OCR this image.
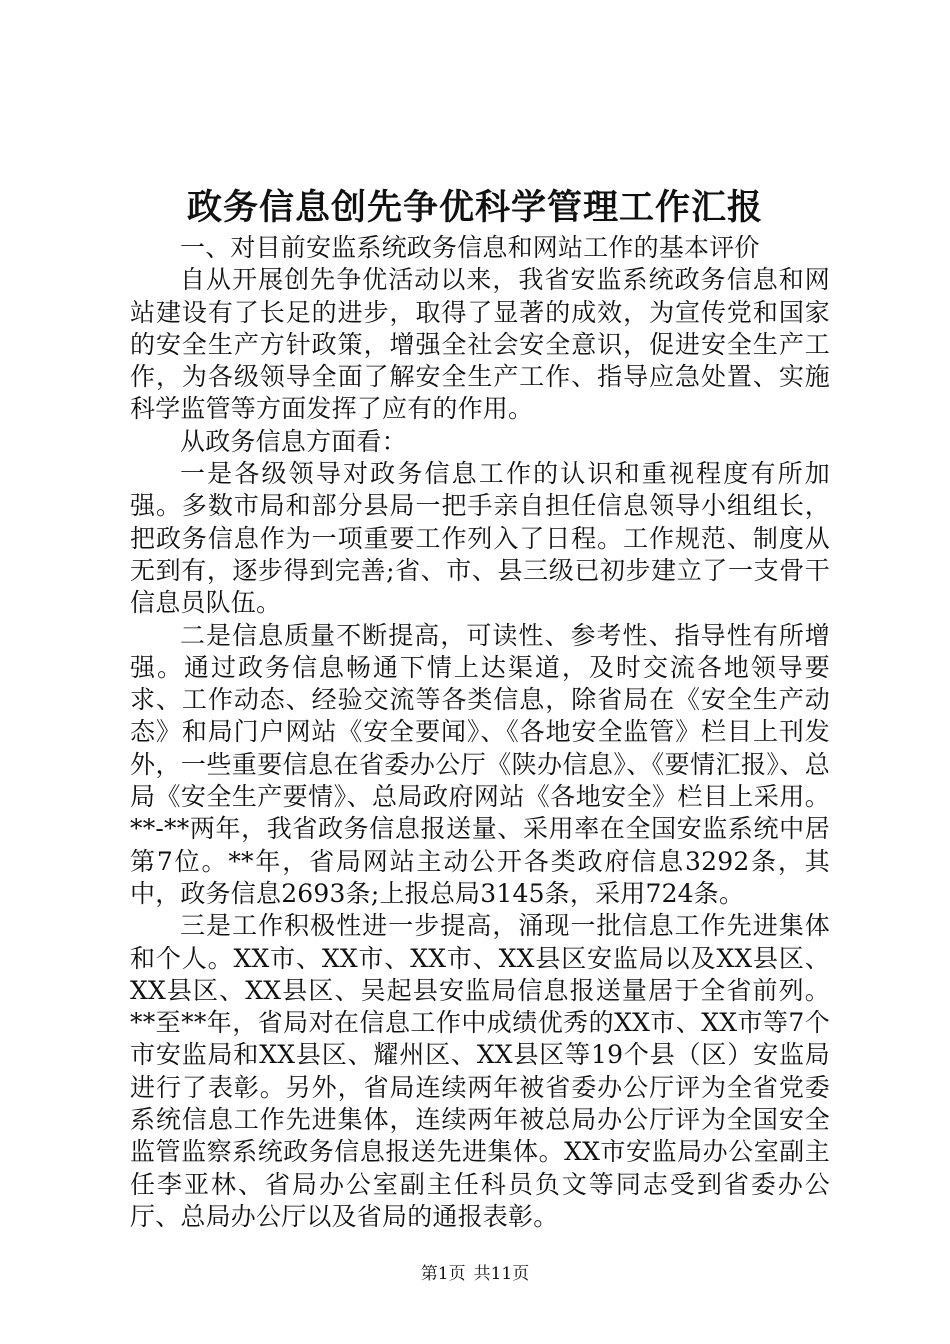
政务信息创先争优科学管理工作汇报

一、对目前安监系统政务信息和网站工作的基本评价

自从开展创先争优活动以来，我省安监系统政务信息和网站建设有了长足的进步，取得了显著的成效，为宣传党和国家的安全生产方针政策，增强全社会安全意识，促进安全生产工作，为各级领导全面了解安全生产工作、指导应急处置、实施科学监管等方面发挥了应有的作用。

从政务信息方面看：

一是各级领导对政务信息工作的认识和重视程度有所加强。多数市局和部分县局一把手亲自担任信息领导小组组长，把政务信息作为一项重要工作列入了日程。工作规范、制度从无到有，逐步得到完善;省、市、县三级已初步建立了一支骨干信息员队伍。

二是信息质量不断提高，可读性、参考性、指导性有所增强。通过政务信息畅通下情上达渠道，及时交流各地领导要求、工作动态、经验交流等各类信息，除省局在《安全生产动态》和局门户网站《安全要闻》、《各地安全监管》栏目上刊发外，一些重要信息在省委办公厅《陕办信息》、《要情汇报》、总局《安全生产要情》、总局政府网站《各地安全》栏目上采用。**-**两年，我省政务信息报送量、采用率在全国安监系统中居第7位。**年，省局网站主动公开各类政府信息3292条，其中，政务信息2693条;上报总局3145条，采用724条。

三是工作积极性进一步提高，涌现一批信息工作先进集体和个人。XX市、XX市、XX市、XX县区安监局以及XX县区、XX县区、XX县区、吴起县安监局信息报送量居于全省前列。**至**年，省局对在信息工作中成绩优秀的XX市、XX市等7个市安监局和XX县区、耀州区、XX县区等19个县（区）安监局进行了表彰。另外，省局连续两年被省委办公厅评为全省党委系统信息工作先进集体，连续两年被总局办公厅评为全国安全监管监察系统政务信息报送先进集体。XX市安监局办公室副主任李亚林、省局办公室副主任科员负文等同志受到省委办公厅、总局办公厅以及省局的通报表彰。

第1页 共11页
